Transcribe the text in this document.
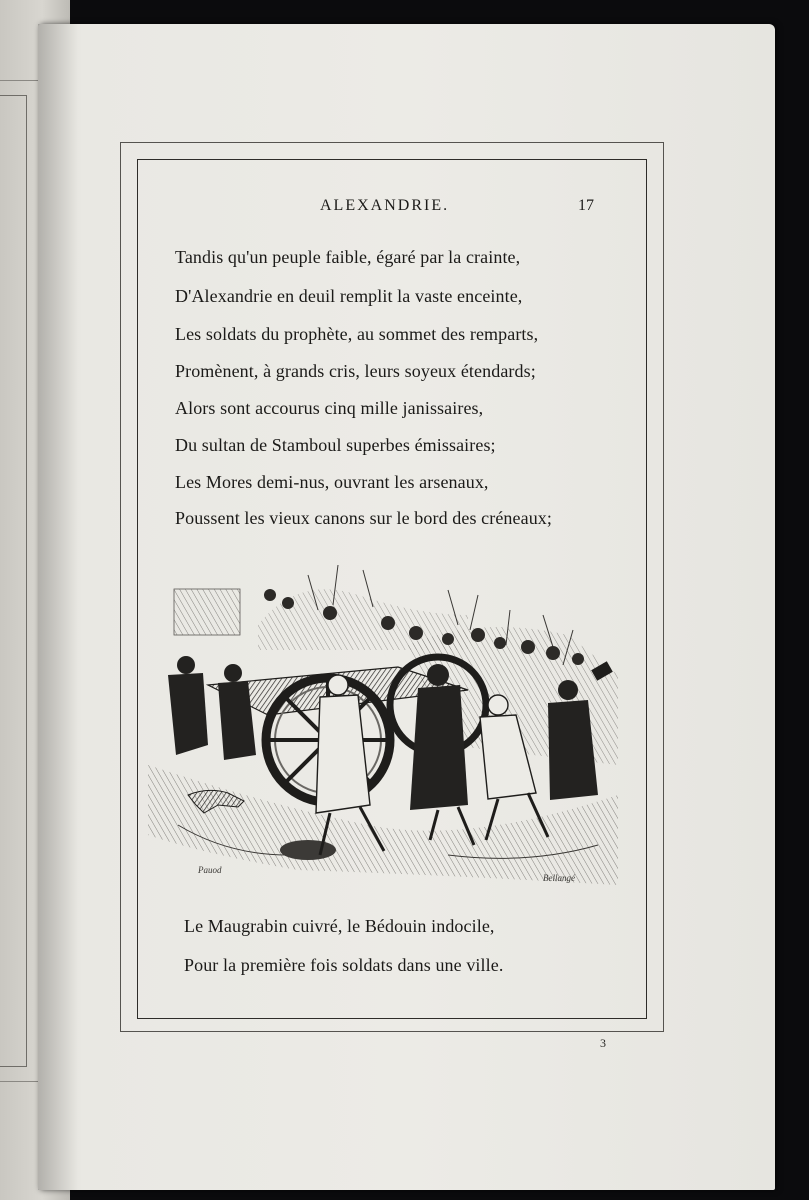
ALEXANDRIE.	17

Tandis qu'un peuple faible, égaré par la crainte,

D'Alexandrie en deuil remplit la vaste enceinte,

Les soldats du prophète, au sommet des remparts,

Promènent, à grands cris, leurs soyeux étendards;

Alors sont accourus cinq mille janissaires,

Du sultan de Stamboul superbes émissaires;

Les Mores demi-nus, ouvrant les arsenaux,

Poussent les vieux canons sur le bord des créneaux;

Pauod
Bellangé

Le Maugrabin cuivré, le Bédouin indocile,

Pour la première fois soldats dans une ville.

3
